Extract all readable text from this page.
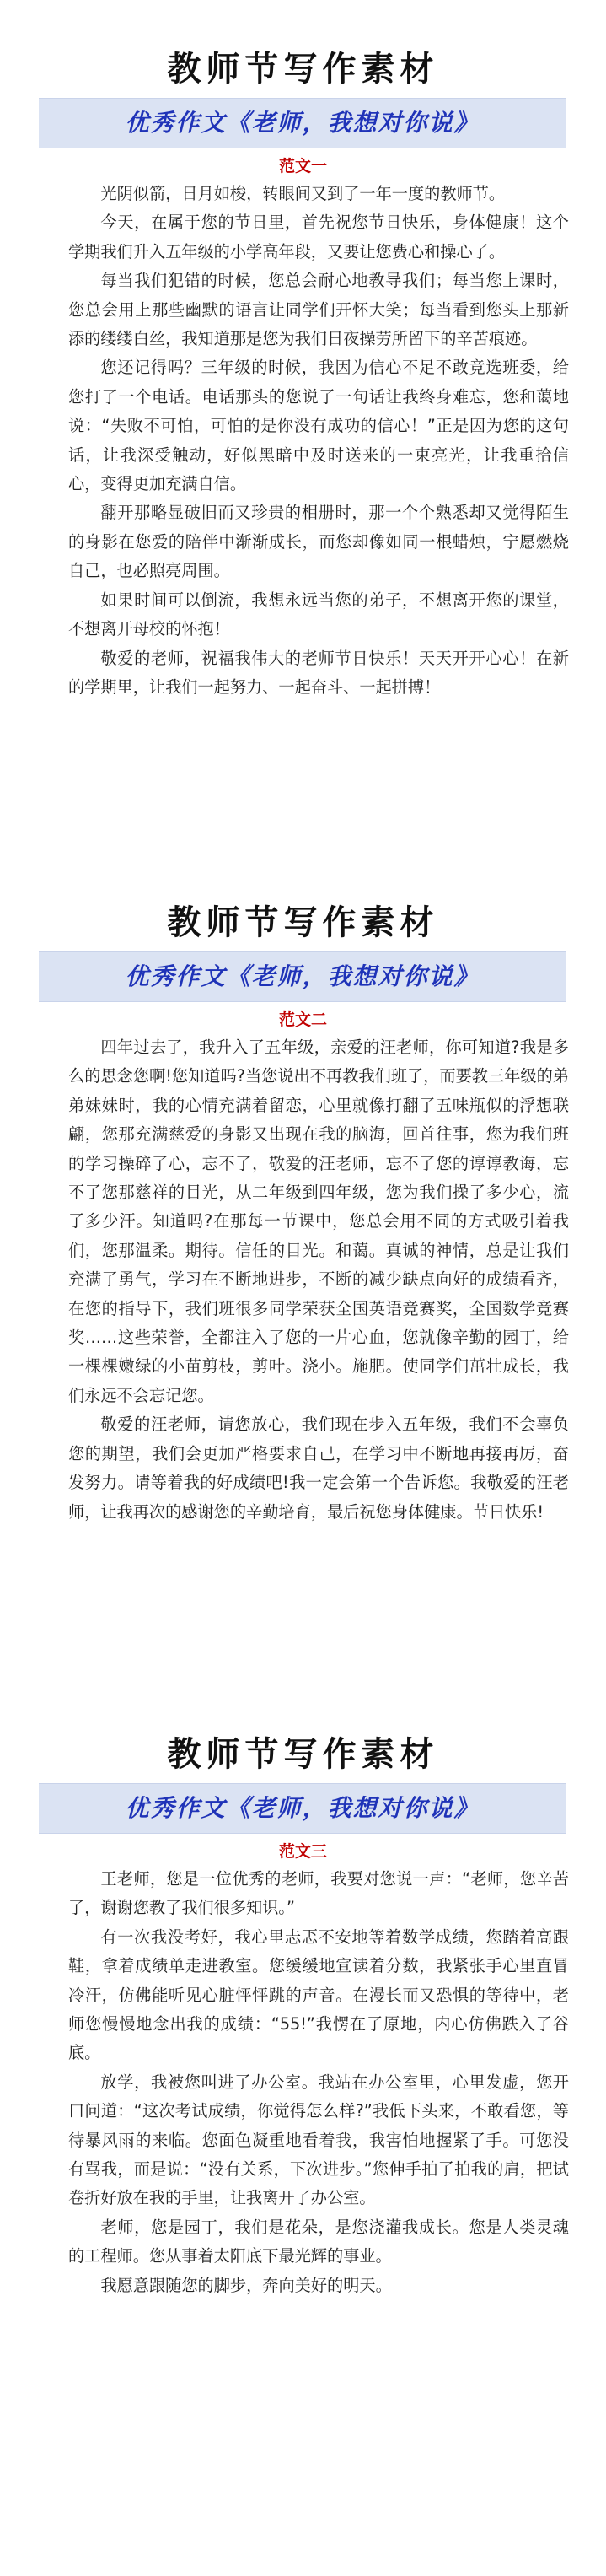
教师节写作素材
优秀作文《老师，我想对你说》
范文一

光阴似箭，日月如梭，转眼间又到了一年一度的教师节。

今天，在属于您的节日里，首先祝您节日快乐，身体健康！这个学期我们升入五年级的小学高年段，又要让您费心和操心了。

每当我们犯错的时候，您总会耐心地教导我们；每当您上课时，您总会用上那些幽默的语言让同学们开怀大笑；每当看到您头上那新添的缕缕白丝，我知道那是您为我们日夜操劳所留下的辛苦痕迹。

您还记得吗？三年级的时候，我因为信心不足不敢竞选班委，给您打了一个电话。电话那头的您说了一句话让我终身难忘，您和蔼地说：“失败不可怕，可怕的是你没有成功的信心！”正是因为您的这句话，让我深受触动，好似黑暗中及时送来的一束亮光，让我重拾信心，变得更加充满自信。

翻开那略显破旧而又珍贵的相册时，那一个个熟悉却又觉得陌生的身影在您爱的陪伴中渐渐成长，而您却像如同一根蜡烛，宁愿燃烧自己，也必照亮周围。

如果时间可以倒流，我想永远当您的弟子，不想离开您的课堂，不想离开母校的怀抱！

敬爱的老师，祝福我伟大的老师节日快乐！天天开开心心！在新的学期里，让我们一起努力、一起奋斗、一起拼搏！

教师节写作素材
优秀作文《老师，我想对你说》
范文二

四年过去了，我升入了五年级，亲爱的汪老师，你可知道?我是多么的思念您啊!您知道吗?当您说出不再教我们班了，而要教三年级的弟弟妹妹时，我的心情充满着留恋，心里就像打翻了五味瓶似的浮想联翩，您那充满慈爱的身影又出现在我的脑海，回首往事，您为我们班的学习操碎了心，忘不了，敬爱的汪老师，忘不了您的谆谆教诲，忘不了您那慈祥的目光，从二年级到四年级，您为我们操了多少心，流了多少汗。知道吗?在那每一节课中，您总会用不同的方式吸引着我们，您那温柔。期待。信任的目光。和蔼。真诚的神情，总是让我们充满了勇气，学习在不断地进步，不断的减少缺点向好的成绩看齐，在您的指导下，我们班很多同学荣获全国英语竞赛奖，全国数学竞赛奖……这些荣誉，全都注入了您的一片心血，您就像辛勤的园丁，给一棵棵嫩绿的小苗剪枝，剪叶。浇小。施肥。使同学们茁壮成长，我们永远不会忘记您。

敬爱的汪老师，请您放心，我们现在步入五年级，我们不会辜负您的期望，我们会更加严格要求自己，在学习中不断地再接再厉，奋发努力。请等着我的好成绩吧!我一定会第一个告诉您。我敬爱的汪老师，让我再次的感谢您的辛勤培育，最后祝您身体健康。节日快乐!

教师节写作素材
优秀作文《老师，我想对你说》
范文三

王老师，您是一位优秀的老师，我要对您说一声：“老师，您辛苦了，谢谢您教了我们很多知识。”

有一次我没考好，我心里忐忑不安地等着数学成绩，您踏着高跟鞋，拿着成绩单走进教室。您缓缓地宣读着分数，我紧张手心里直冒冷汗，仿佛能听见心脏怦怦跳的声音。在漫长而又恐惧的等待中，老师您慢慢地念出我的成绩：“55!”我愣在了原地，内心仿佛跌入了谷底。

放学，我被您叫进了办公室。我站在办公室里，心里发虚，您开口问道：“这次考试成绩，你觉得怎么样?”我低下头来，不敢看您，等待暴风雨的来临。您面色凝重地看着我，我害怕地握紧了手。可您没有骂我，而是说：“没有关系，下次进步。”您伸手拍了拍我的肩，把试卷折好放在我的手里，让我离开了办公室。

老师，您是园丁，我们是花朵，是您浇灌我成长。您是人类灵魂的工程师。您从事着太阳底下最光辉的事业。

我愿意跟随您的脚步，奔向美好的明天。
